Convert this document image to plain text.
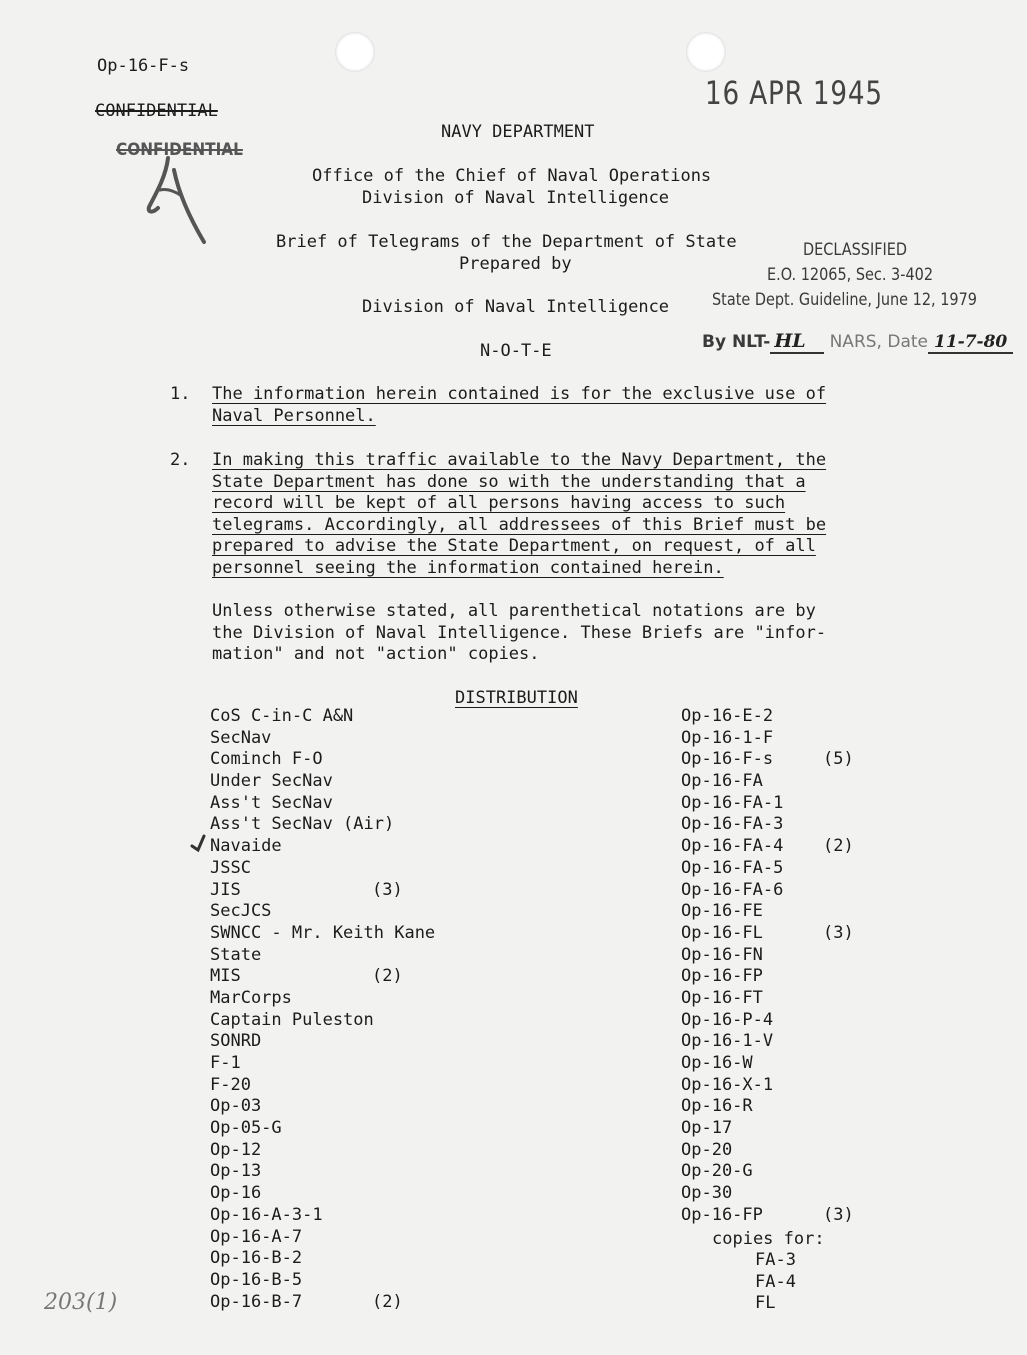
Op-16-F-s
CONFIDENTIAL
CONFIDENTIAL
16 APR 1945
NAVY DEPARTMENT
Office of the Chief of Naval Operations
Division of Naval Intelligence
Brief of Telegrams of the Department of State
Prepared by
Division of Naval Intelligence
N-O-T-E
DECLASSIFIED
E.O. 12065, Sec. 3-402
State Dept. Guideline, June 12, 1979
By NLT- HL NARS, Date 11-7-80
1. The information herein contained is for the exclusive use of Naval Personnel.
2. In making this traffic available to the Navy Department, the State Department has done so with the understanding that a record will be kept of all persons having access to such telegrams. Accordingly, all addressees of this Brief must be prepared to advise the State Department, on request, of all personnel seeing the information contained herein.
Unless otherwise stated, all parenthetical notations are by
the Division of Naval Intelligence. These Briefs are "infor-
mation" and not "action" copies.
DISTRIBUTION
CoS C-in-C A&N
SecNav
Cominch F-O
Under SecNav
Ass't SecNav
Ass't SecNav (Air)
Navaide
JSSC
JIS	(3)
SecJCS
SWNCC - Mr. Keith Kane
State
MIS	(2)
MarCorps
Captain Puleston
SONRD
F-1
F-20
Op-03
Op-05-G
Op-12
Op-13
Op-16
Op-16-A-3-1
Op-16-A-7
Op-16-B-2
Op-16-B-5
Op-16-B-7	(2)
Op-16-E-2
Op-16-1-F
Op-16-F-s	(5)
Op-16-FA
Op-16-FA-1
Op-16-FA-3
Op-16-FA-4 (2)
Op-16-FA-5
Op-16-FA-6
Op-16-FE
Op-16-FL	(3)
Op-16-FN
Op-16-FP
Op-16-FT
Op-16-P-4
Op-16-1-V
Op-16-W
Op-16-X-1
Op-16-R
Op-17
Op-20
Op-20-G
Op-30
Op-16-FP	(3)
copies for:
FA-3
FA-4
FL
203(1)
